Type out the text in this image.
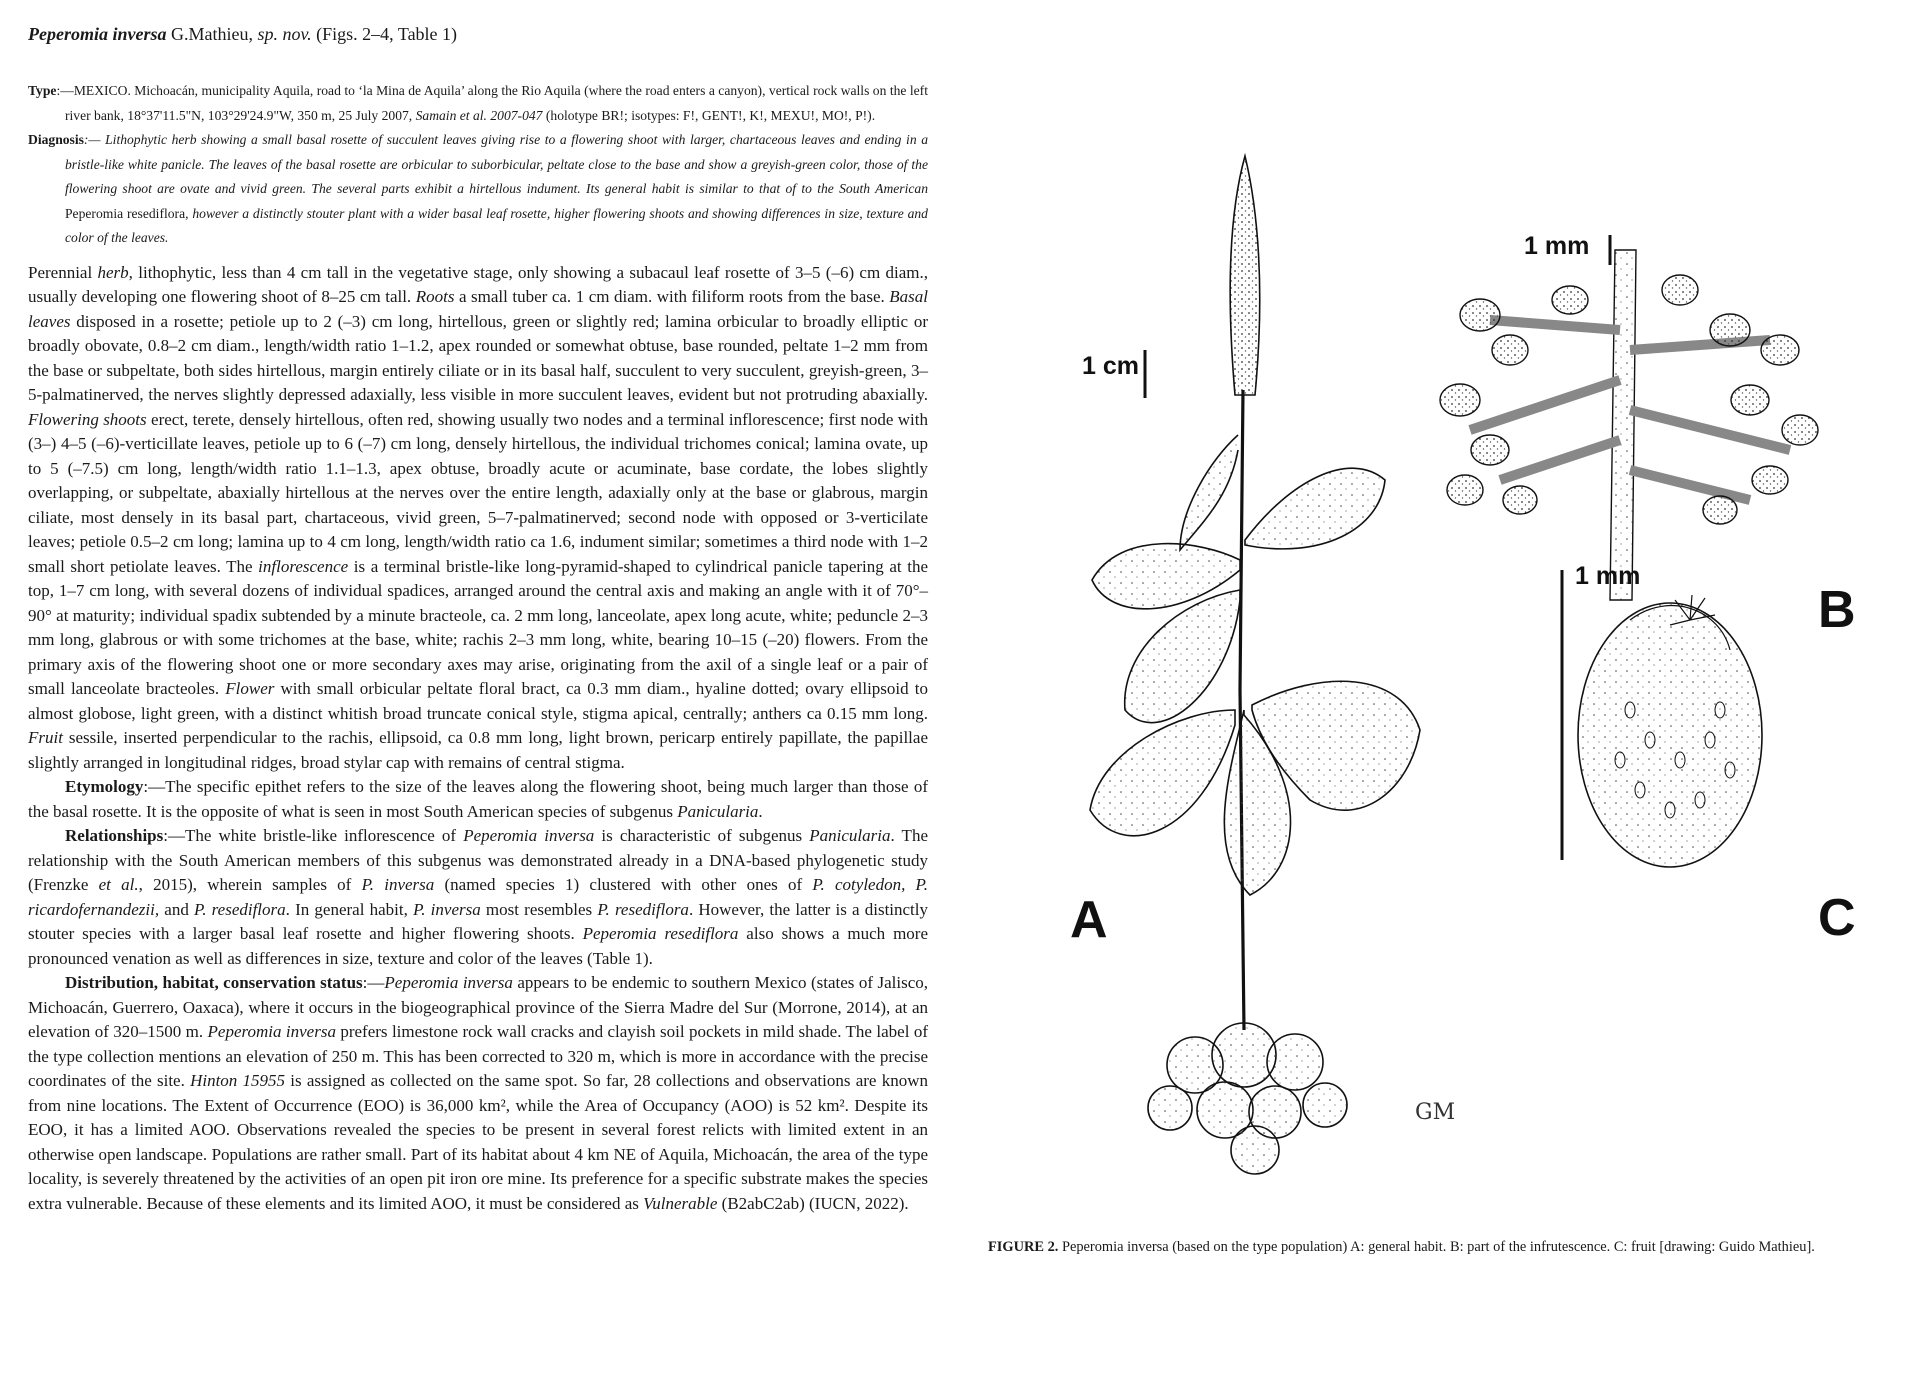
Peperomia inversa G.Mathieu, sp. nov. (Figs. 2–4, Table 1)

Type:—MEXICO. Michoacán, municipality Aquila, road to ‘la Mina de Aquila’ along the Rio Aquila (where the road enters a canyon), vertical rock walls on the left river bank, 18°37'11.5"N, 103°29'24.9"W, 350 m, 25 July 2007, Samain et al. 2007-047 (holotype BR!; isotypes: F!, GENT!, K!, MEXU!, MO!, P!).

Diagnosis:— Lithophytic herb showing a small basal rosette of succulent leaves giving rise to a flowering shoot with larger, chartaceous leaves and ending in a bristle-like white panicle. The leaves of the basal rosette are orbicular to suborbicular, peltate close to the base and show a greyish-green color, those of the flowering shoot are ovate and vivid green. The several parts exhibit a hirtellous indument. Its general habit is similar to that of to the South American Peperomia resediflora, however a distinctly stouter plant with a wider basal leaf rosette, higher flowering shoots and showing differences in size, texture and color of the leaves.

Perennial herb, lithophytic, less than 4 cm tall in the vegetative stage, only showing a subacaul leaf rosette of 3–5 (–6) cm diam., usually developing one flowering shoot of 8–25 cm tall. Roots a small tuber ca. 1 cm diam. with filiform roots from the base. Basal leaves disposed in a rosette; petiole up to 2 (–3) cm long, hirtellous, green or slightly red; lamina orbicular to broadly elliptic or broadly obovate, 0.8–2 cm diam., length/width ratio 1–1.2, apex rounded or somewhat obtuse, base rounded, peltate 1–2 mm from the base or subpeltate, both sides hirtellous, margin entirely ciliate or in its basal half, succulent to very succulent, greyish-green, 3–5-palmatinerved, the nerves slightly depressed adaxially, less visible in more succulent leaves, evident but not protruding abaxially. Flowering shoots erect, terete, densely hirtellous, often red, showing usually two nodes and a terminal inflorescence; first node with (3–) 4–5 (–6)-verticillate leaves, petiole up to 6 (–7) cm long, densely hirtellous, the individual trichomes conical; lamina ovate, up to 5 (–7.5) cm long, length/width ratio 1.1–1.3, apex obtuse, broadly acute or acuminate, base cordate, the lobes slightly overlapping, or subpeltate, abaxially hirtellous at the nerves over the entire length, adaxially only at the base or glabrous, margin ciliate, most densely in its basal part, chartaceous, vivid green, 5–7-palmatinerved; second node with opposed or 3-verticilate leaves; petiole 0.5–2 cm long; lamina up to 4 cm long, length/width ratio ca 1.6, indument similar; sometimes a third node with 1–2 small short petiolate leaves. The inflorescence is a terminal bristle-like long-pyramid-shaped to cylindrical panicle tapering at the top, 1–7 cm long, with several dozens of individual spadices, arranged around the central axis and making an angle with it of 70°–90° at maturity; individual spadix subtended by a minute bracteole, ca. 2 mm long, lanceolate, apex long acute, white; peduncle 2–3 mm long, glabrous or with some trichomes at the base, white; rachis 2–3 mm long, white, bearing 10–15 (–20) flowers. From the primary axis of the flowering shoot one or more secondary axes may arise, originating from the axil of a single leaf or a pair of small lanceolate bracteoles. Flower with small orbicular peltate floral bract, ca 0.3 mm diam., hyaline dotted; ovary ellipsoid to almost globose, light green, with a distinct whitish broad truncate conical style, stigma apical, centrally; anthers ca 0.15 mm long. Fruit sessile, inserted perpendicular to the rachis, ellipsoid, ca 0.8 mm long, light brown, pericarp entirely papillate, the papillae slightly arranged in longitudinal ridges, broad stylar cap with remains of central stigma.

Etymology:—The specific epithet refers to the size of the leaves along the flowering shoot, being much larger than those of the basal rosette. It is the opposite of what is seen in most South American species of subgenus Panicularia.

Relationships:—The white bristle-like inflorescence of Peperomia inversa is characteristic of subgenus Panicularia. The relationship with the South American members of this subgenus was demonstrated already in a DNA-based phylogenetic study (Frenzke et al., 2015), wherein samples of P. inversa (named species 1) clustered with other ones of P. cotyledon, P. ricardofernandezii, and P. resediflora. In general habit, P. inversa most resembles P. resediflora. However, the latter is a distinctly stouter species with a larger basal leaf rosette and higher flowering shoots. Peperomia resediflora also shows a much more pronounced venation as well as differences in size, texture and color of the leaves (Table 1).

Distribution, habitat, conservation status:—Peperomia inversa appears to be endemic to southern Mexico (states of Jalisco, Michoacán, Guerrero, Oaxaca), where it occurs in the biogeographical province of the Sierra Madre del Sur (Morrone, 2014), at an elevation of 320–1500 m. Peperomia inversa prefers limestone rock wall cracks and clayish soil pockets in mild shade. The label of the type collection mentions an elevation of 250 m. This has been corrected to 320 m, which is more in accordance with the precise coordinates of the site. Hinton 15955 is assigned as collected on the same spot. So far, 28 collections and observations are known from nine locations. The Extent of Occurrence (EOO) is 36,000 km², while the Area of Occupancy (AOO) is 52 km². Despite its EOO, it has a limited AOO. Observations revealed the species to be present in several forest relicts with limited extent in an otherwise open landscape. Populations are rather small. Part of its habitat about 4 km NE of Aquila, Michoacán, the area of the type locality, is severely threatened by the activities of an open pit iron ore mine. Its preference for a specific substrate makes the species extra vulnerable. Because of these elements and its limited AOO, it must be considered as Vulnerable (B2abC2ab) (IUCN, 2022).

1 cm
1 mm
1 mm
A
B
C
GM
FIGURE 2. Peperomia inversa (based on the type population) A: general habit. B: part of the infrutescence. C: fruit [drawing: Guido Mathieu].
